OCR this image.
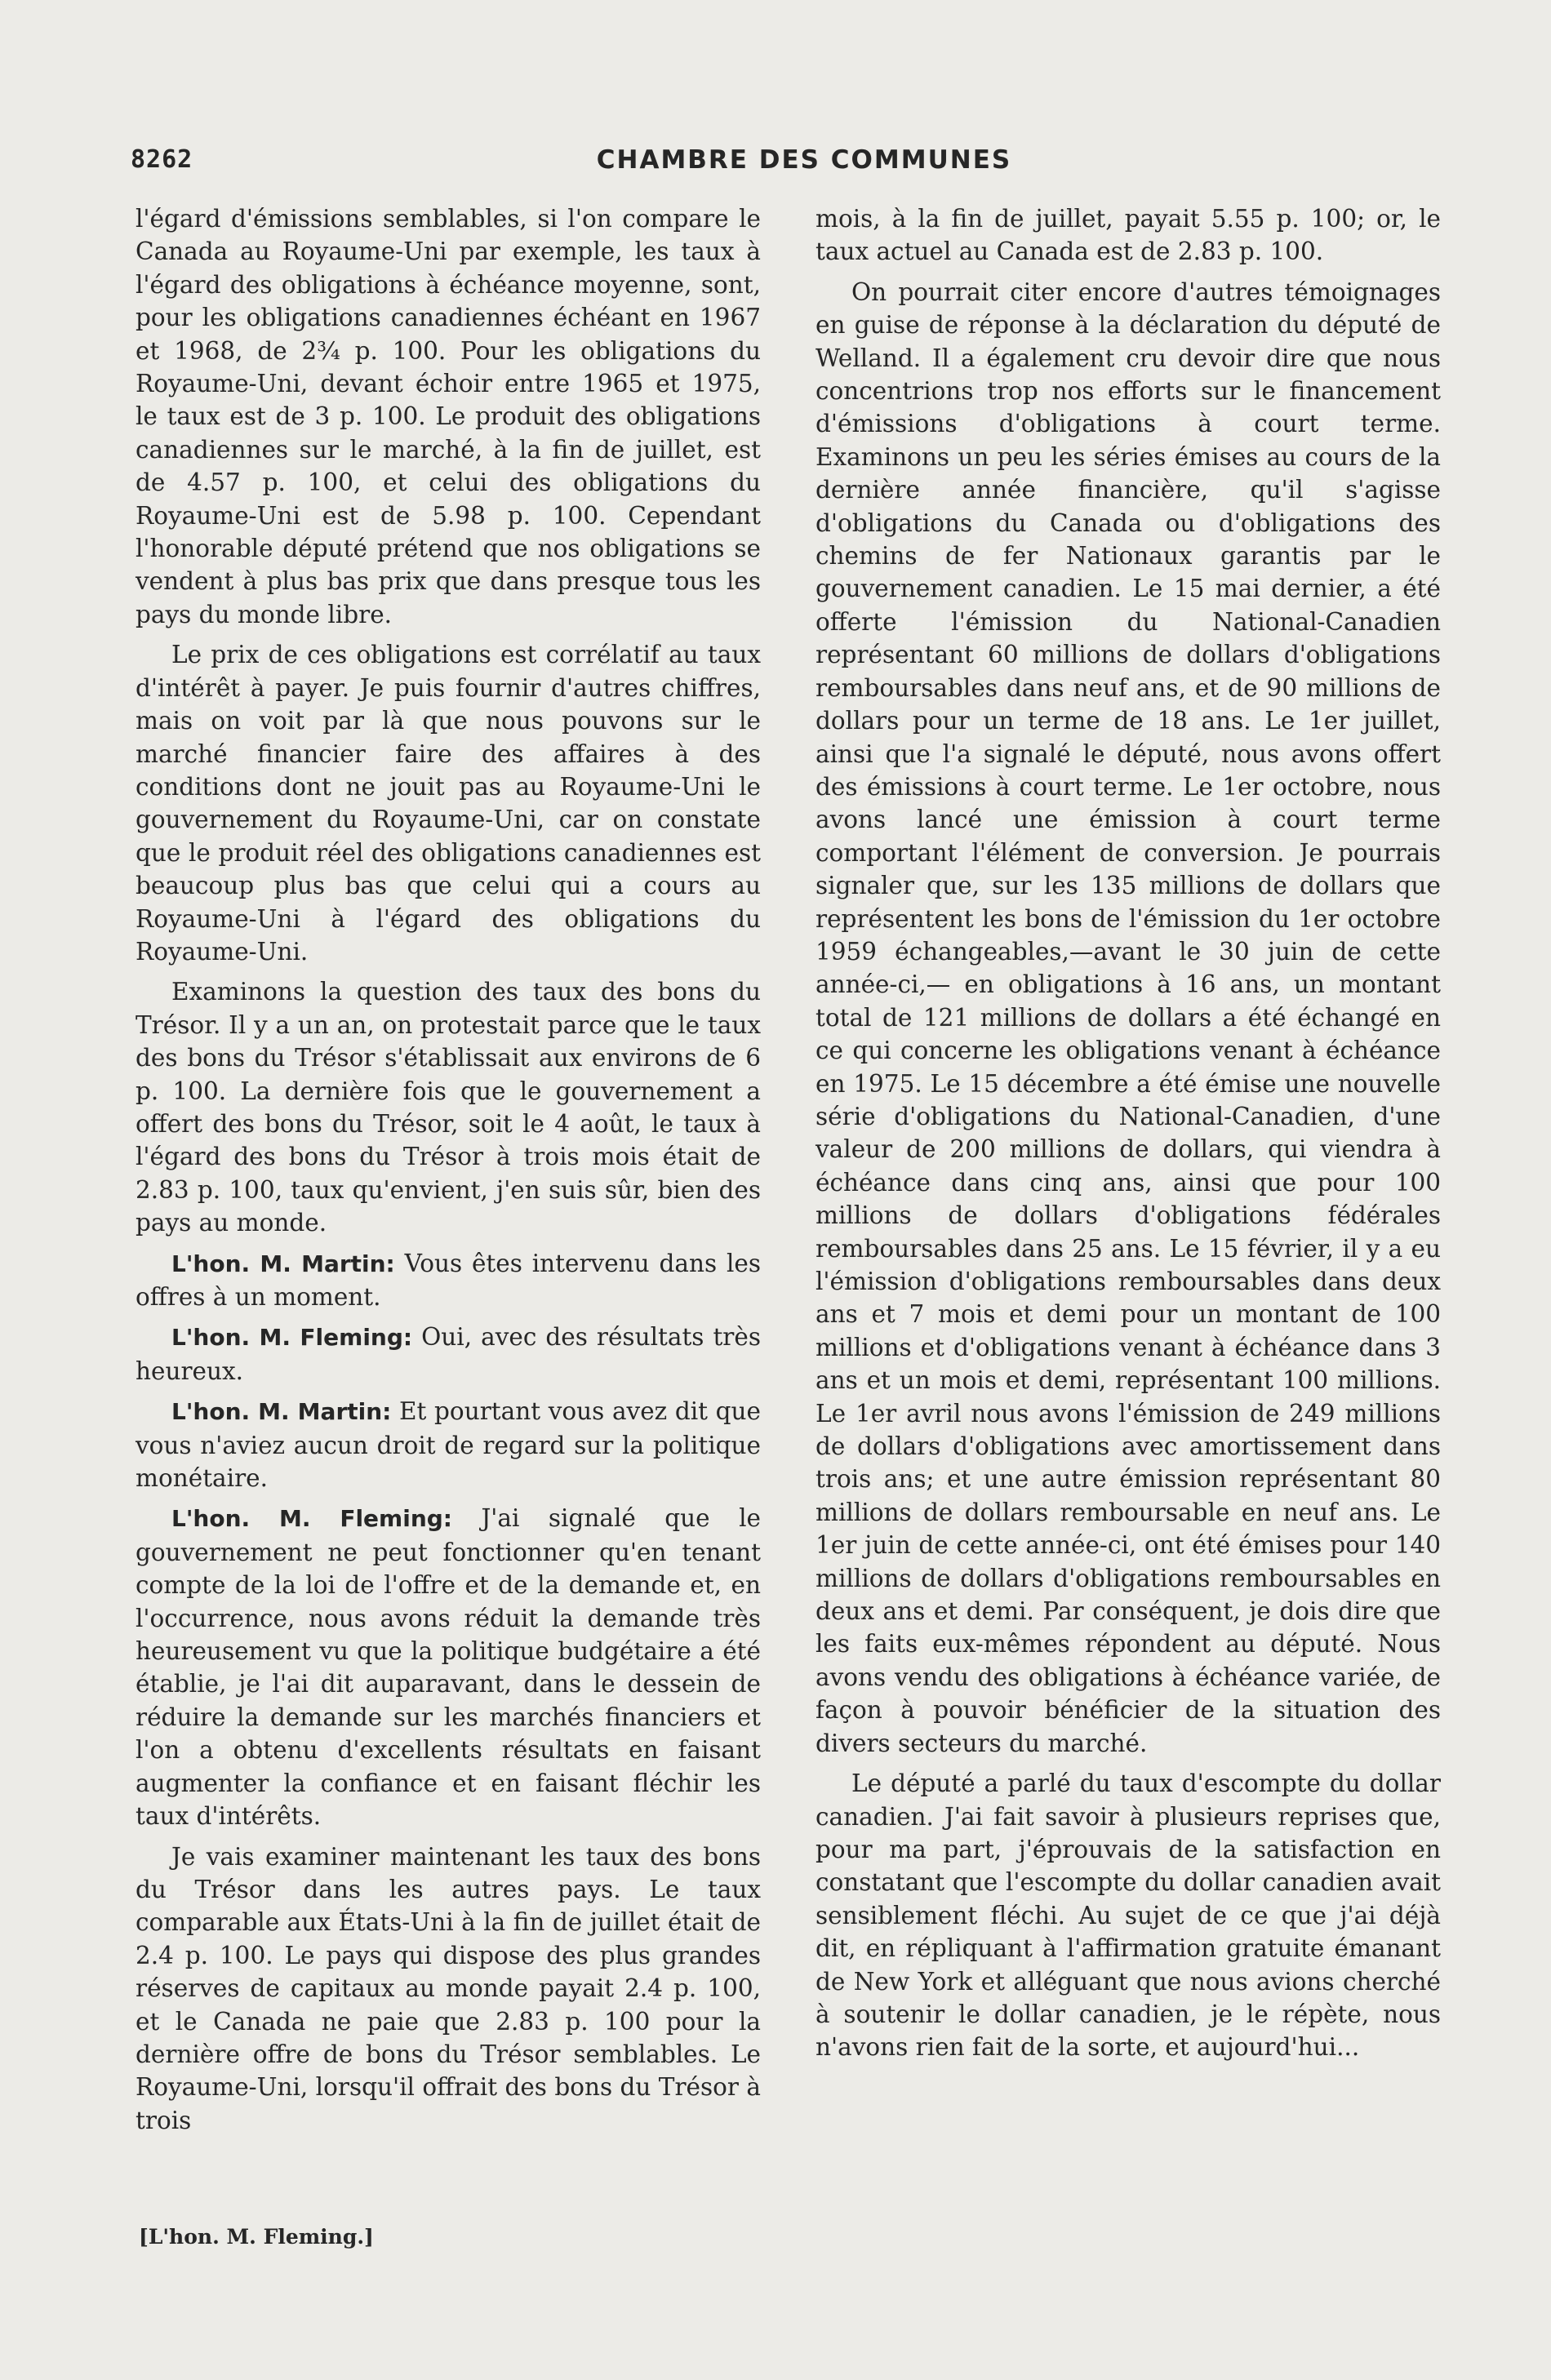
8262	CHAMBRE DES COMMUNES

l'égard d'émissions semblables, si l'on compare le Canada au Royaume-Uni par exemple, les taux à l'égard des obligations à échéance moyenne, sont, pour les obligations canadiennes échéant en 1967 et 1968, de 2¾ p. 100. Pour les obligations du Royaume-Uni, devant échoir entre 1965 et 1975, le taux est de 3 p. 100. Le produit des obligations canadiennes sur le marché, à la fin de juillet, est de 4.57 p. 100, et celui des obligations du Royaume-Uni est de 5.98 p. 100. Cependant l'honorable député prétend que nos obligations se vendent à plus bas prix que dans presque tous les pays du monde libre.

Le prix de ces obligations est corrélatif au taux d'intérêt à payer. Je puis fournir d'autres chiffres, mais on voit par là que nous pouvons sur le marché financier faire des affaires à des conditions dont ne jouit pas au Royaume-Uni le gouvernement du Royaume-Uni, car on constate que le produit réel des obligations canadiennes est beaucoup plus bas que celui qui a cours au Royaume-Uni à l'égard des obligations du Royaume-Uni.

Examinons la question des taux des bons du Trésor. Il y a un an, on protestait parce que le taux des bons du Trésor s'établissait aux environs de 6 p. 100. La dernière fois que le gouvernement a offert des bons du Trésor, soit le 4 août, le taux à l'égard des bons du Trésor à trois mois était de 2.83 p. 100, taux qu'envient, j'en suis sûr, bien des pays au monde.

L'hon. M. Martin: Vous êtes intervenu dans les offres à un moment.

L'hon. M. Fleming: Oui, avec des résultats très heureux.

L'hon. M. Martin: Et pourtant vous avez dit que vous n'aviez aucun droit de regard sur la politique monétaire.

L'hon. M. Fleming: J'ai signalé que le gouvernement ne peut fonctionner qu'en tenant compte de la loi de l'offre et de la demande et, en l'occurrence, nous avons réduit la demande très heureusement vu que la politique budgétaire a été établie, je l'ai dit auparavant, dans le dessein de réduire la demande sur les marchés financiers et l'on a obtenu d'excellents résultats en faisant augmenter la confiance et en faisant fléchir les taux d'intérêts.

Je vais examiner maintenant les taux des bons du Trésor dans les autres pays. Le taux comparable aux États-Uni à la fin de juillet était de 2.4 p. 100. Le pays qui dispose des plus grandes réserves de capitaux au monde payait 2.4 p. 100, et le Canada ne paie que 2.83 p. 100 pour la dernière offre de bons du Trésor semblables. Le Royaume-Uni, lorsqu'il offrait des bons du Trésor à trois

mois, à la fin de juillet, payait 5.55 p. 100; or, le taux actuel au Canada est de 2.83 p. 100.

On pourrait citer encore d'autres témoignages en guise de réponse à la déclaration du député de Welland. Il a également cru devoir dire que nous concentrions trop nos efforts sur le financement d'émissions d'obligations à court terme. Examinons un peu les séries émises au cours de la dernière année financière, qu'il s'agisse d'obligations du Canada ou d'obligations des chemins de fer Nationaux garantis par le gouvernement canadien. Le 15 mai dernier, a été offerte l'émission du National-Canadien représentant 60 millions de dollars d'obligations remboursables dans neuf ans, et de 90 millions de dollars pour un terme de 18 ans. Le 1er juillet, ainsi que l'a signalé le député, nous avons offert des émissions à court terme. Le 1er octobre, nous avons lancé une émission à court terme comportant l'élément de conversion. Je pourrais signaler que, sur les 135 millions de dollars que représentent les bons de l'émission du 1er octobre 1959 échangeables,—avant le 30 juin de cette année-ci,— en obligations à 16 ans, un montant total de 121 millions de dollars a été échangé en ce qui concerne les obligations venant à échéance en 1975. Le 15 décembre a été émise une nouvelle série d'obligations du National-Canadien, d'une valeur de 200 millions de dollars, qui viendra à échéance dans cinq ans, ainsi que pour 100 millions de dollars d'obligations fédérales remboursables dans 25 ans. Le 15 février, il y a eu l'émission d'obligations remboursables dans deux ans et 7 mois et demi pour un montant de 100 millions et d'obligations venant à échéance dans 3 ans et un mois et demi, représentant 100 millions. Le 1er avril nous avons l'émission de 249 millions de dollars d'obligations avec amortissement dans trois ans; et une autre émission représentant 80 millions de dollars remboursable en neuf ans. Le 1er juin de cette année-ci, ont été émises pour 140 millions de dollars d'obligations remboursables en deux ans et demi. Par conséquent, je dois dire que les faits eux-mêmes répondent au député. Nous avons vendu des obligations à échéance variée, de façon à pouvoir bénéficier de la situation des divers secteurs du marché.

Le député a parlé du taux d'escompte du dollar canadien. J'ai fait savoir à plusieurs reprises que, pour ma part, j'éprouvais de la satisfaction en constatant que l'escompte du dollar canadien avait sensiblement fléchi. Au sujet de ce que j'ai déjà dit, en répliquant à l'affirmation gratuite émanant de New York et alléguant que nous avions cherché à soutenir le dollar canadien, je le répète, nous n'avons rien fait de la sorte, et aujourd'hui...

[L'hon. M. Fleming.]
